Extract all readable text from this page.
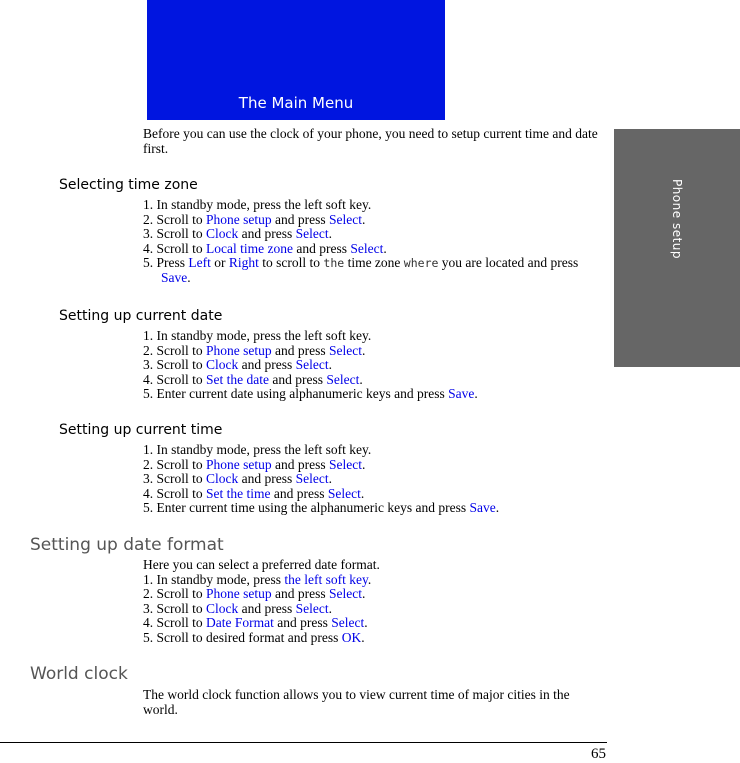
The Main Menu
Phone setup

Before you can use the clock of your phone, you need to setup current time and date first.

Selecting time zone
1. In standby mode, press the left soft key.
2. Scroll to Phone setup and press Select.
3. Scroll to Clock and press Select.
4. Scroll to Local time zone and press Select.
5. Press Left or Right to scroll to the time zone where you are located and press Save.
Setting up current date
1. In standby mode, press the left soft key.
2. Scroll to Phone setup and press Select.
3. Scroll to Clock and press Select.
4. Scroll to Set the date and press Select.
5. Enter current date using alphanumeric keys and press Save.
Setting up current time
1. In standby mode, press the left soft key.
2. Scroll to Phone setup and press Select.
3. Scroll to Clock and press Select.
4. Scroll to Set the time and press Select.
5. Enter current time using the alphanumeric keys and press Save.
Setting up date format
Here you can select a preferred date format.
1. In standby mode, press the left soft key.
2. Scroll to Phone setup and press Select.
3. Scroll to Clock and press Select.
4. Scroll to Date Format and press Select.
5. Scroll to desired format and press OK.
World clock

The world clock function allows you to view current time of major cities in the world.

65
